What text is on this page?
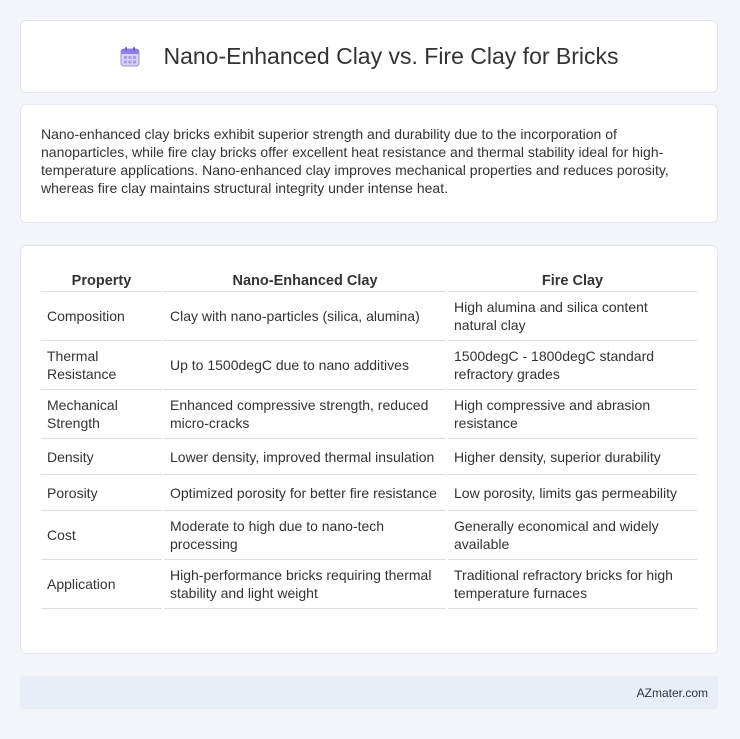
Nano-Enhanced Clay vs. Fire Clay for Bricks

Nano-enhanced clay bricks exhibit superior strength and durability due to the incorporation of nanoparticles, while fire clay bricks offer excellent heat resistance and thermal stability ideal for high-temperature applications. Nano-enhanced clay improves mechanical properties and reduces porosity, whereas fire clay maintains structural integrity under intense heat.

Property	Nano-Enhanced Clay	Fire Clay
Composition	Clay with nano-particles (silica, alumina)	High alumina and silica content natural clay
Thermal Resistance	Up to 1500degC due to nano additives	1500degC - 1800degC standard refractory grades
Mechanical Strength	Enhanced compressive strength, reduced micro-cracks	High compressive and abrasion resistance
Density	Lower density, improved thermal insulation	Higher density, superior durability
Porosity	Optimized porosity for better fire resistance	Low porosity, limits gas permeability
Cost	Moderate to high due to nano-tech processing	Generally economical and widely available
Application	High-performance bricks requiring thermal stability and light weight	Traditional refractory bricks for high temperature furnaces
AZmater.com
